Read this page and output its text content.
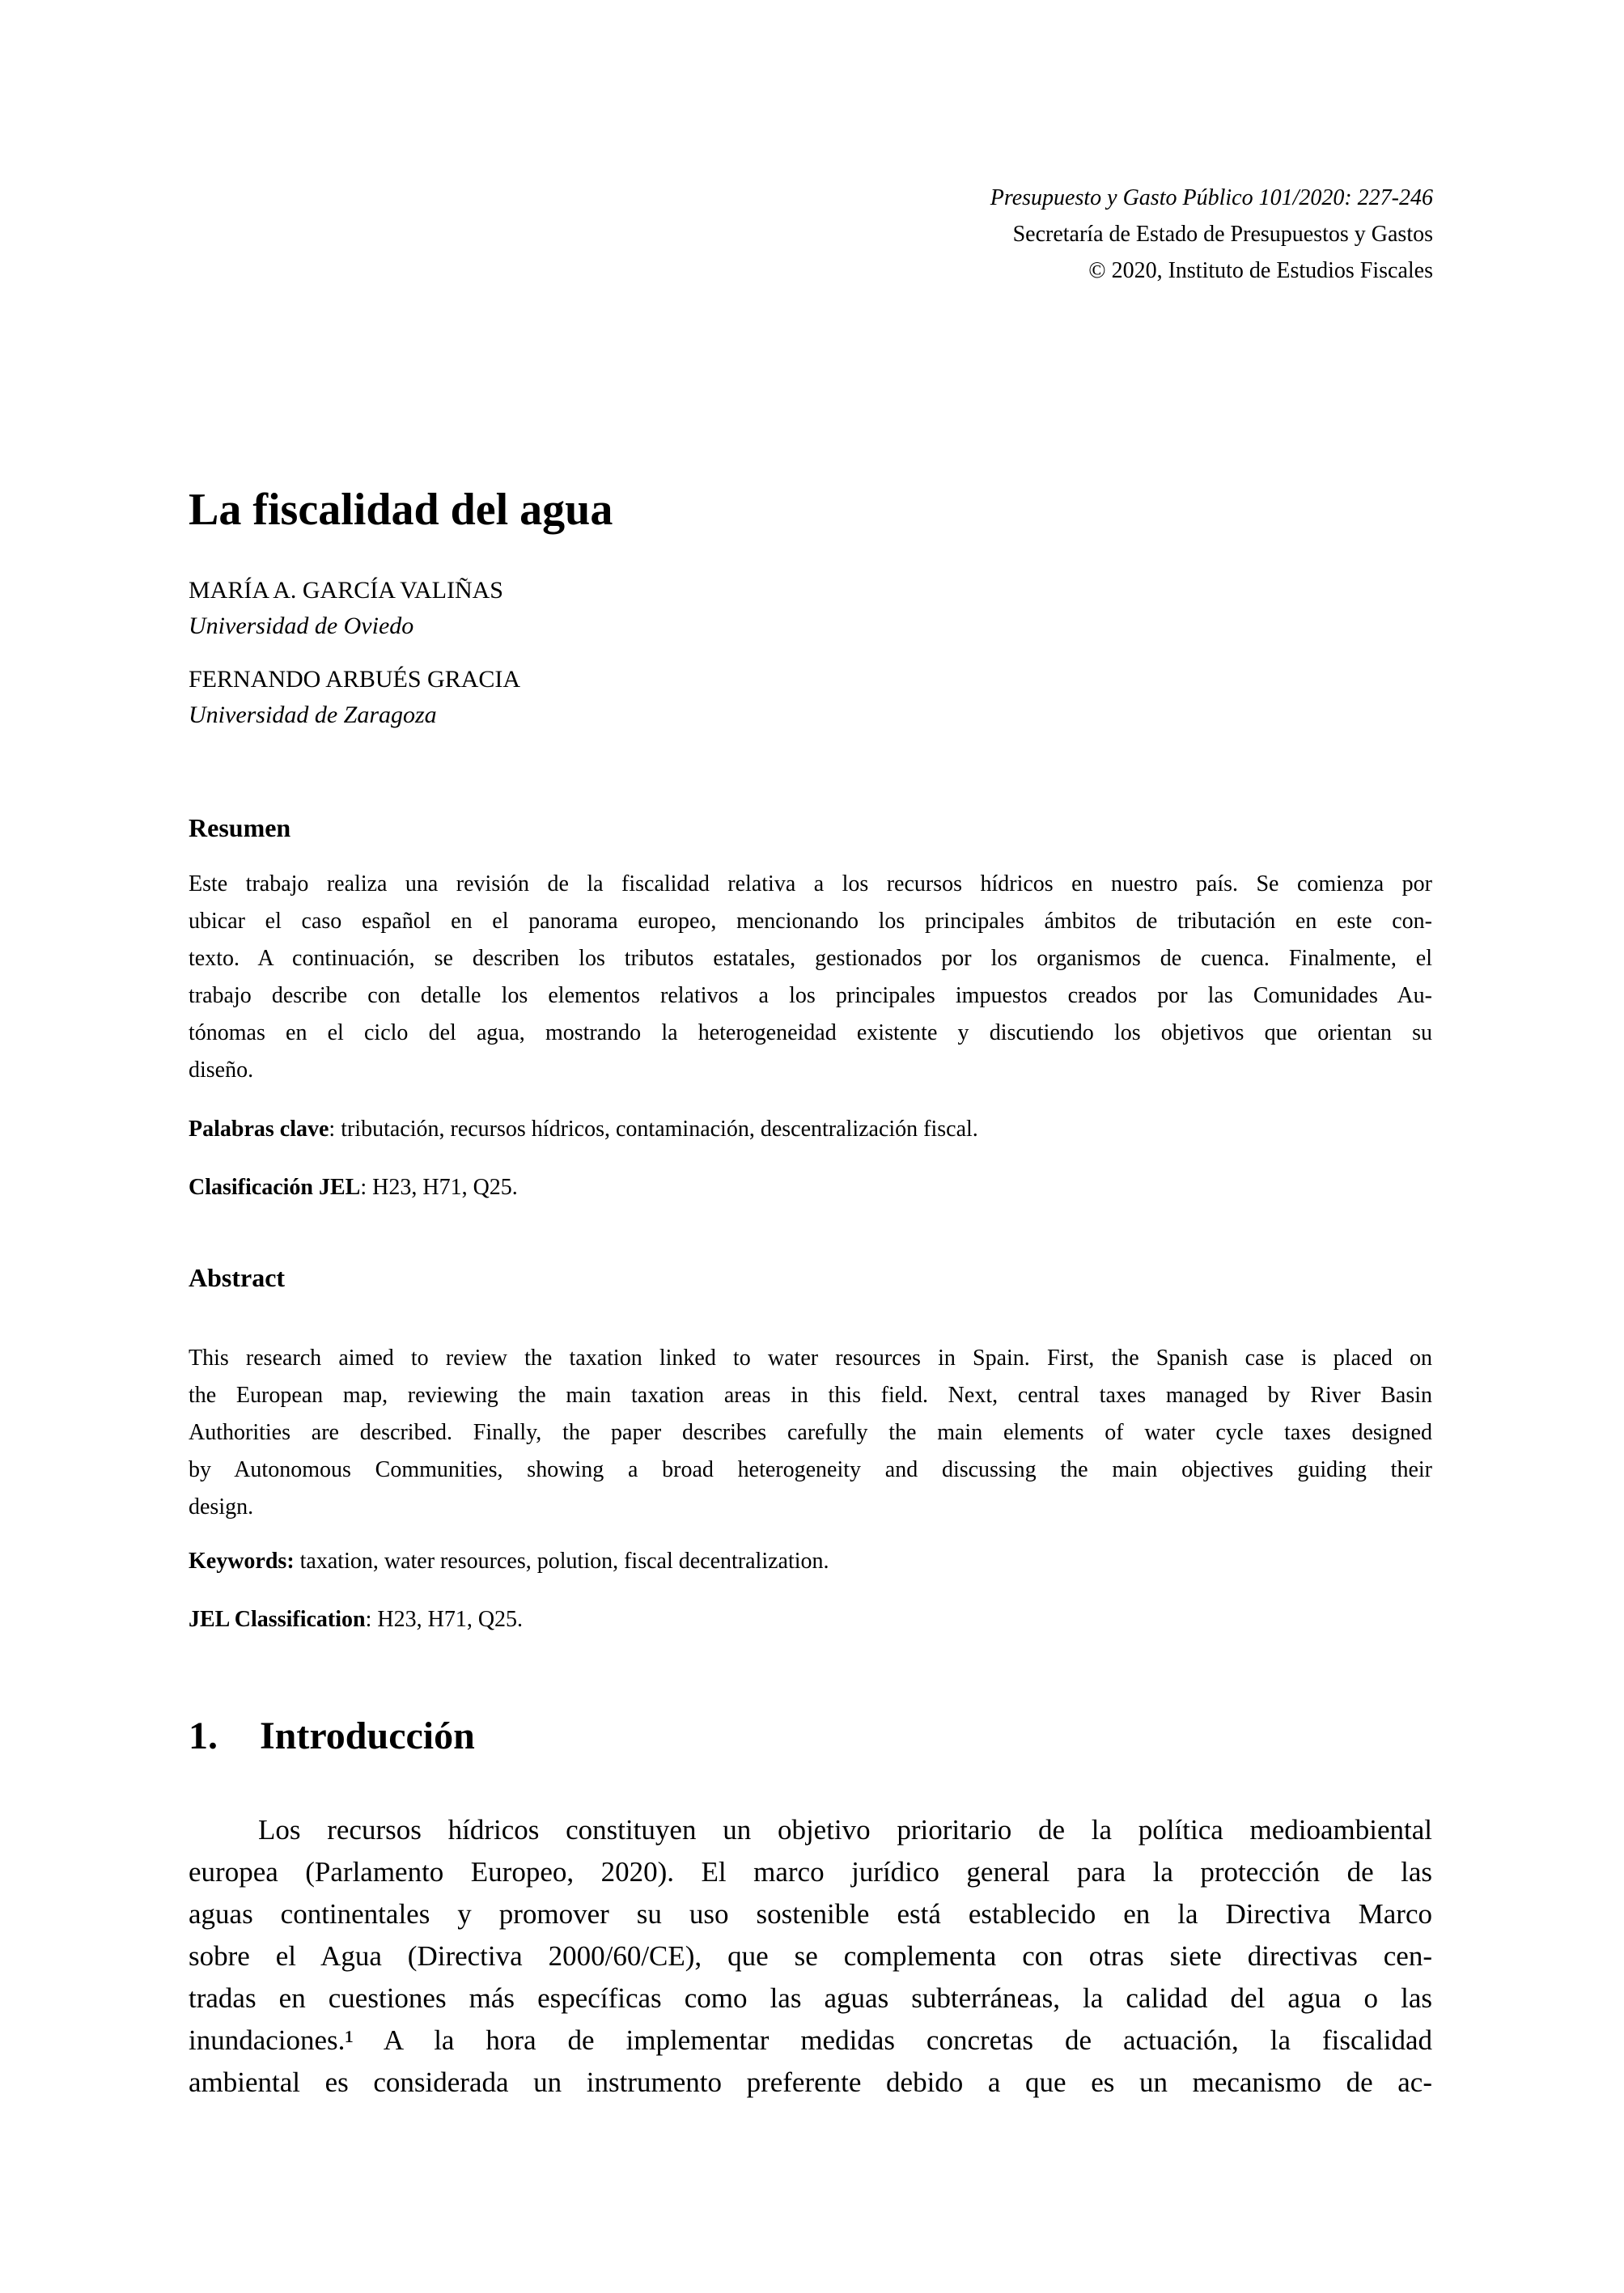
Presupuesto y Gasto Público 101/2020: 227-246
Secretaría de Estado de Presupuestos y Gastos
© 2020, Instituto de Estudios Fiscales
La fiscalidad del agua
MARÍA A. GARCÍA VALIÑAS
Universidad de Oviedo
FERNANDO ARBUÉS GRACIA
Universidad de Zaragoza
Resumen
Este trabajo realiza una revisión de la fiscalidad relativa a los recursos hídricos en nuestro país. Se comienza por
ubicar el caso español en el panorama europeo, mencionando los principales ámbitos de tributación en este con-
texto. A continuación, se describen los tributos estatales, gestionados por los organismos de cuenca. Finalmente, el
trabajo describe con detalle los elementos relativos a los principales impuestos creados por las Comunidades Au-
tónomas en el ciclo del agua, mostrando la heterogeneidad existente y discutiendo los objetivos que orientan su
diseño.
Palabras clave: tributación, recursos hídricos, contaminación, descentralización fiscal.
Clasificación JEL: H23, H71, Q25.
Abstract
This research aimed to review the taxation linked to water resources in Spain. First, the Spanish case is placed on
the European map, reviewing the main taxation areas in this field. Next, central taxes managed by River Basin
Authorities are described. Finally, the paper describes carefully the main elements of water cycle taxes designed
by Autonomous Communities, showing a broad heterogeneity and discussing the main objectives guiding their
design.
Keywords: taxation, water resources, polution, fiscal decentralization.
JEL Classification: H23, H71, Q25.
1. Introducción
Los recursos hídricos constituyen un objetivo prioritario de la política medioambiental
europea (Parlamento Europeo, 2020). El marco jurídico general para la protección de las
aguas continentales y promover su uso sostenible está establecido en la Directiva Marco
sobre el Agua (Directiva 2000/60/CE), que se complementa con otras siete directivas cen-
tradas en cuestiones más específicas como las aguas subterráneas, la calidad del agua o las
inundaciones.¹ A la hora de implementar medidas concretas de actuación, la fiscalidad
ambiental es considerada un instrumento preferente debido a que es un mecanismo de ac-
